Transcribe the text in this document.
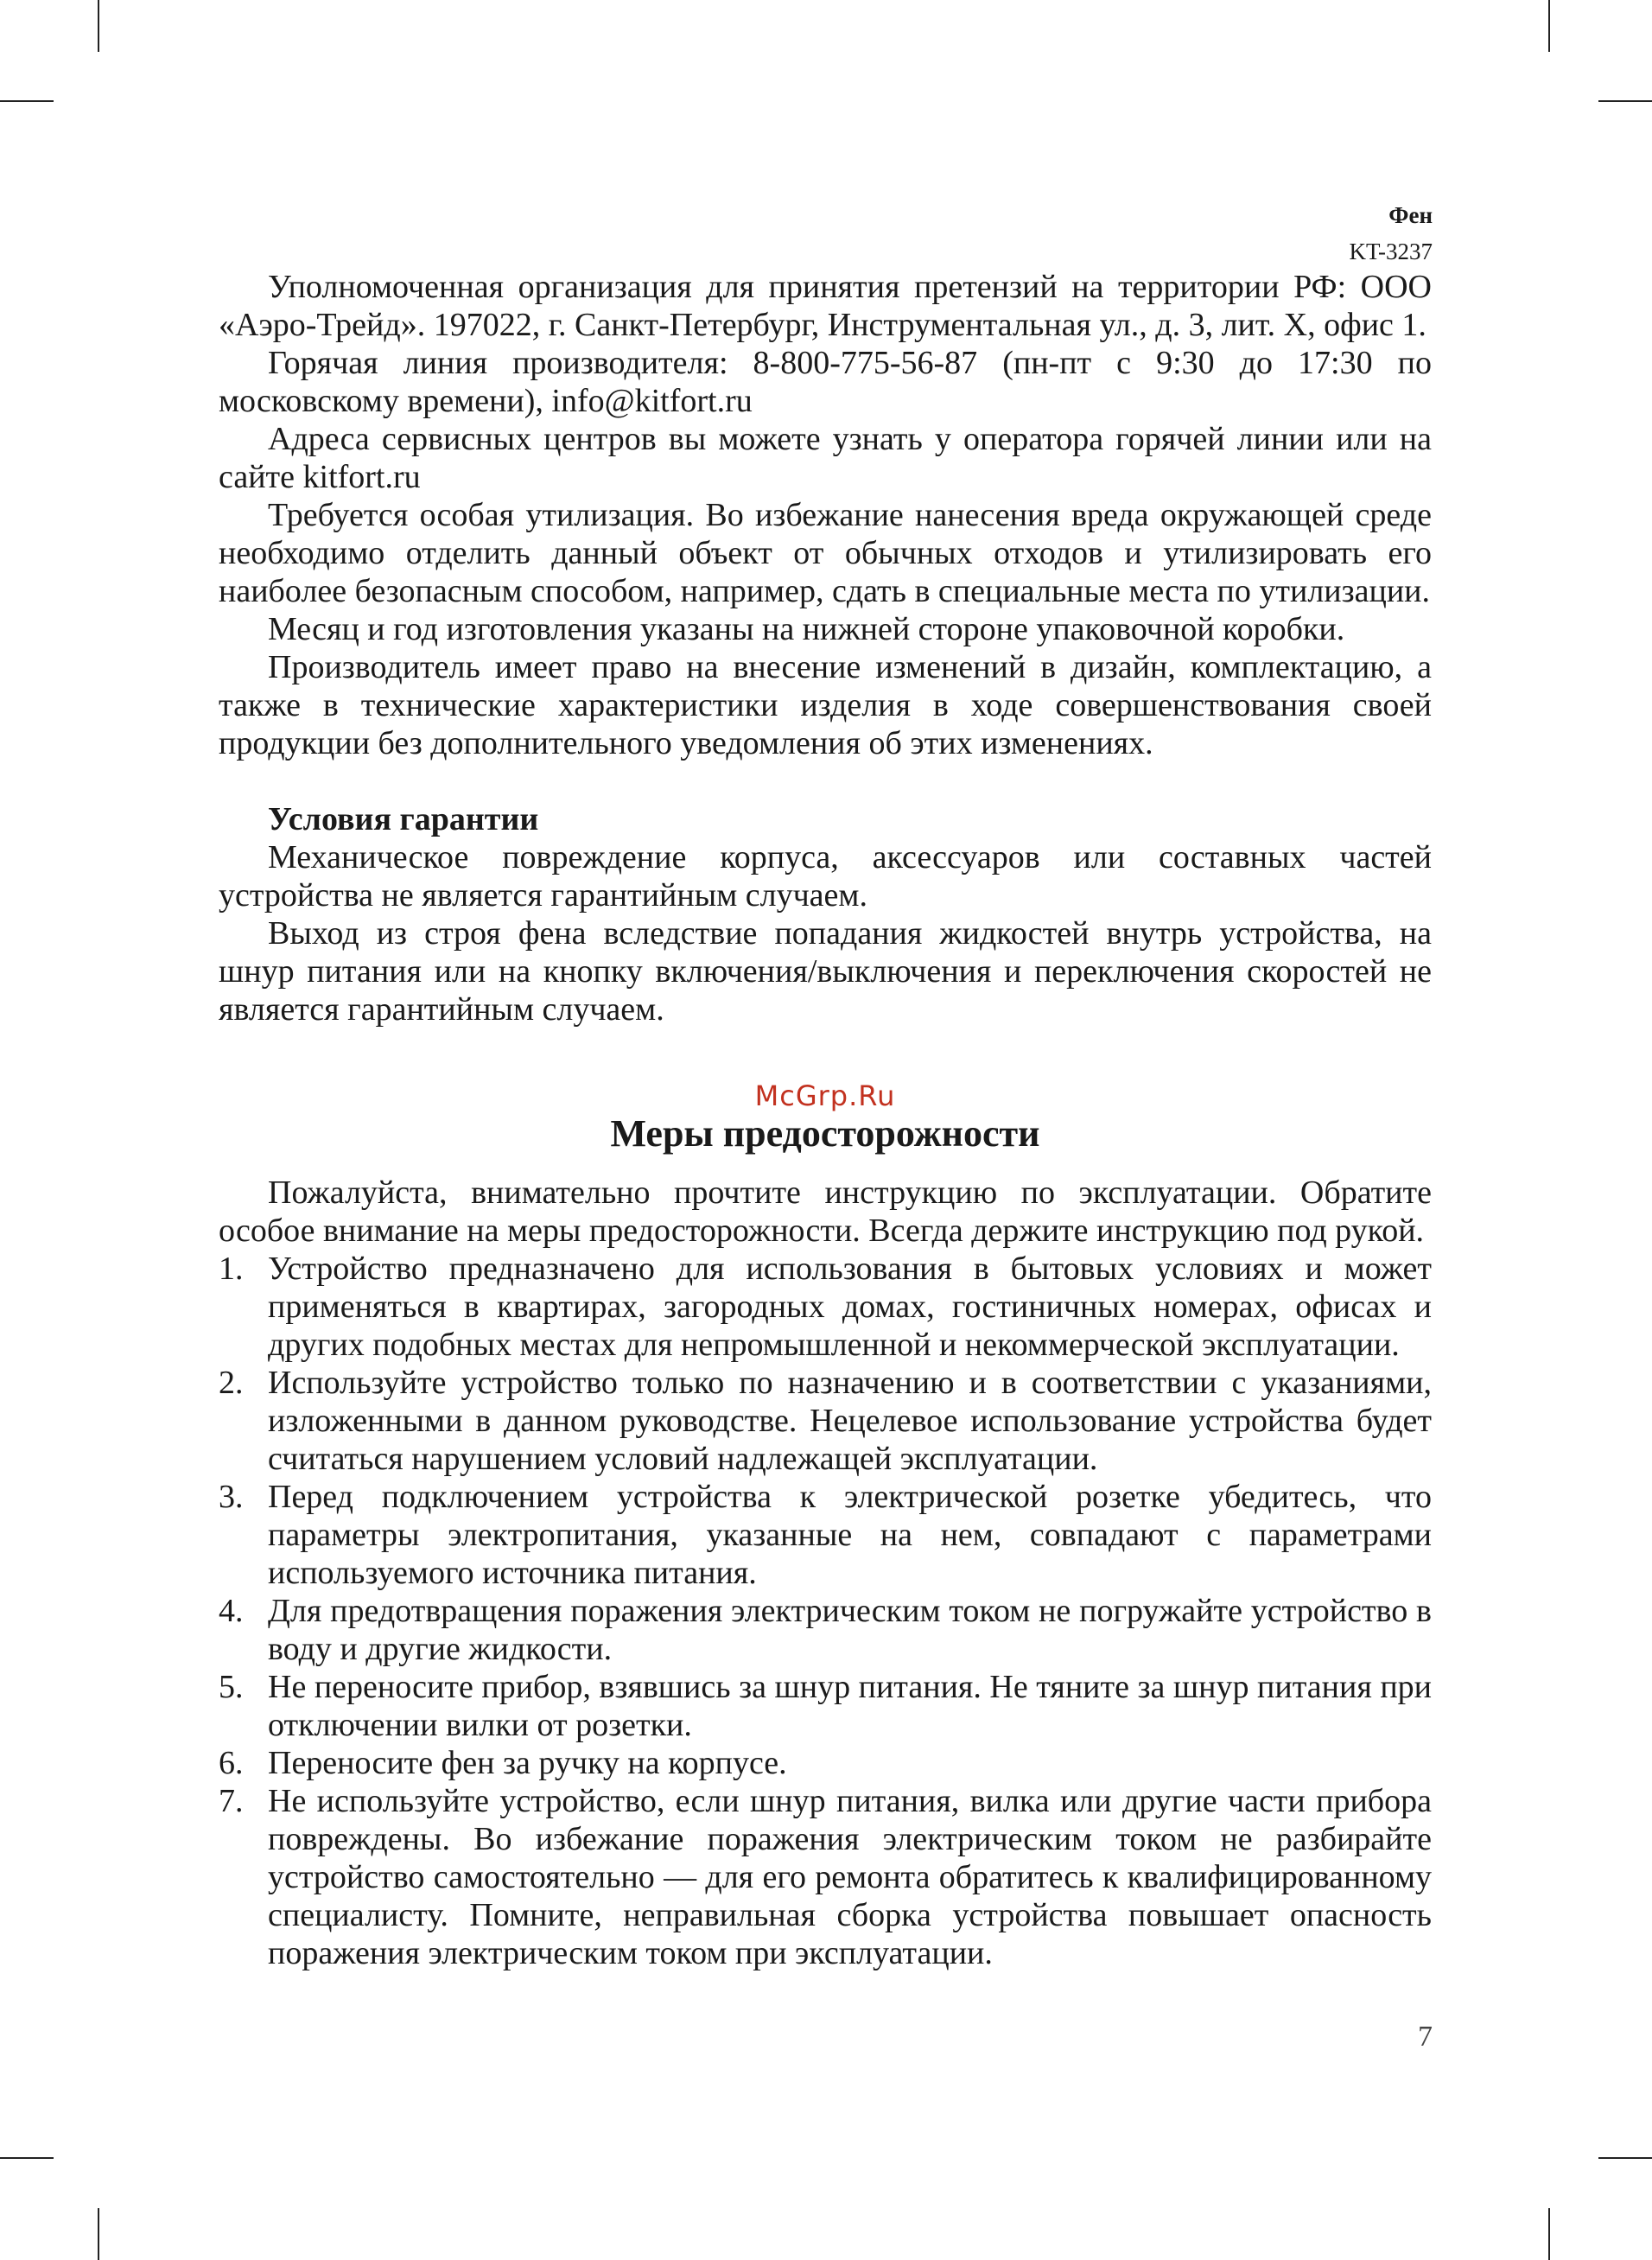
Фен
KT-3237

Уполномоченная организация для принятия претензий на территории РФ: ООО «Аэро-Трейд». 197022, г. Санкт-Петербург, Инструментальная ул., д. 3, лит. Х, офис 1.

Горячая линия производителя: 8-800-775-56-87 (пн-пт с 9:30 до 17:30 по московскому времени), info@kitfort.ru

Адреса сервисных центров вы можете узнать у оператора горячей линии или на сайте kitfort.ru

Требуется особая утилизация. Во избежание нанесения вреда окружающей среде необходимо отделить данный объект от обычных отходов и утилизировать его наиболее безопасным способом, например, сдать в специальные места по утилизации.

Месяц и год изготовления указаны на нижней стороне упаковочной коробки.

Производитель имеет право на внесение изменений в дизайн, комплектацию, а также в технические характеристики изделия в ходе совершенствования своей продукции без дополнительного уведомления об этих изменениях.

Условия гарантии

Механическое повреждение корпуса, аксессуаров или составных частей устройства не является гарантийным случаем.

Выход из строя фена вследствие попадания жидкостей внутрь устройства, на шнур питания или на кнопку включения/выключения и переключения скоростей не является гарантийным случаем.

McGrp.Ru
Меры предосторожности

Пожалуйста, внимательно прочтите инструкцию по эксплуатации. Обратите особое внимание на меры предосторожности. Всегда держите инструкцию под рукой.

1. Устройство предназначено для использования в бытовых условиях и может применяться в квартирах, загородных домах, гостиничных номерах, офисах и других подобных местах для непромышленной и некоммерческой эксплуатации.
2. Используйте устройство только по назначению и в соответствии с указаниями, изложенными в данном руководстве. Нецелевое использование устройства будет считаться нарушением условий надлежащей эксплуатации.
3. Перед подключением устройства к электрической розетке убедитесь, что параметры электропитания, указанные на нем, совпадают с параметрами используемого источника питания.
4. Для предотвращения поражения электрическим током не погружайте устройство в воду и другие жидкости.
5. Не переносите прибор, взявшись за шнур питания. Не тяните за шнур питания при отключении вилки от розетки.
6. Переносите фен за ручку на корпусе.
7. Не используйте устройство, если шнур питания, вилка или другие части прибора повреждены. Во избежание поражения электрическим током не разбирайте устройство самостоятельно — для его ремонта обратитесь к квалифицированному специалисту. Помните, неправильная сборка устройства повышает опасность поражения электрическим током при эксплуатации.
7
